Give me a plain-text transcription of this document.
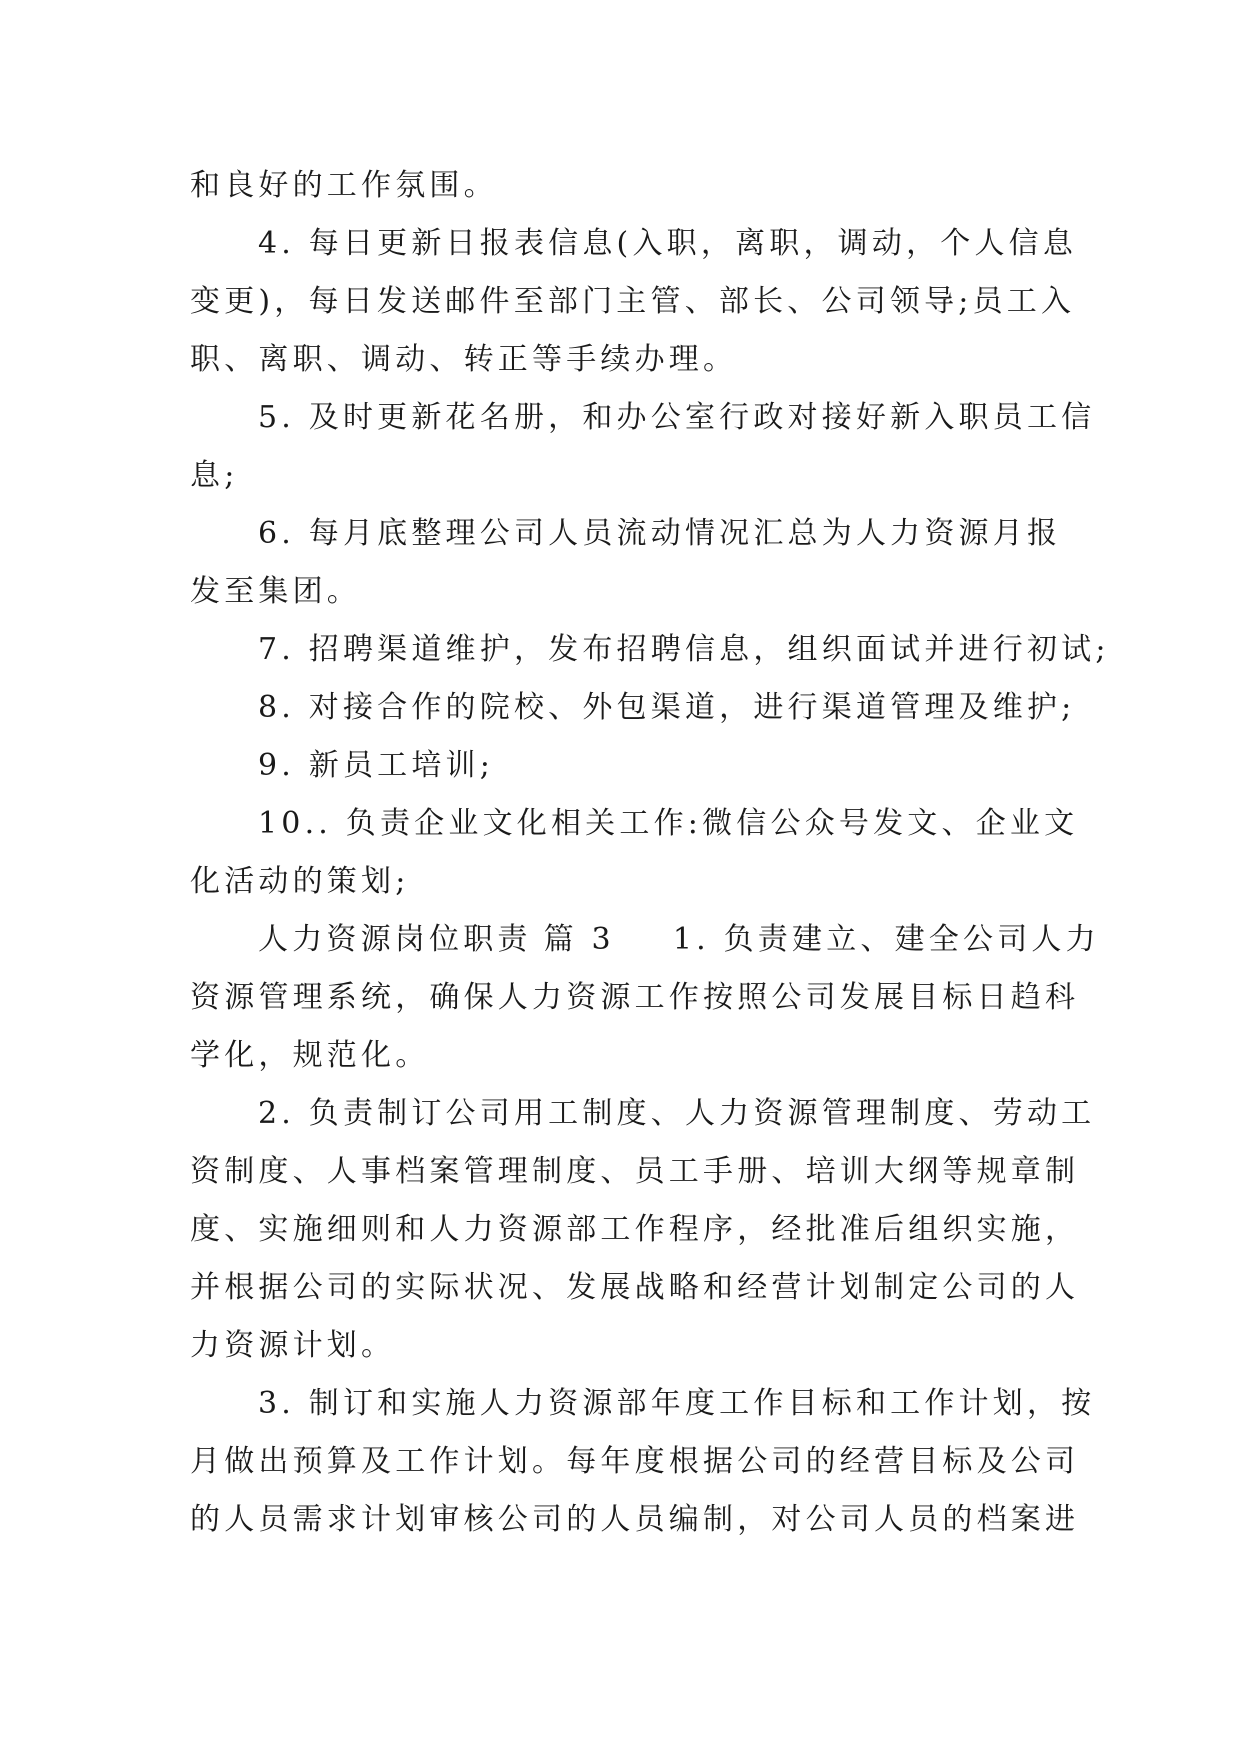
和良好的工作氛围。
4. 每日更新日报表信息(入职，离职，调动，个人信息
变更)，每日发送邮件至部门主管、部长、公司领导;员工入
职、离职、调动、转正等手续办理。
5. 及时更新花名册，和办公室行政对接好新入职员工信
息;
6. 每月底整理公司人员流动情况汇总为人力资源月报
发至集团。
7. 招聘渠道维护，发布招聘信息，组织面试并进行初试;
8. 对接合作的院校、外包渠道，进行渠道管理及维护;
9. 新员工培训;
10.. 负责企业文化相关工作:微信公众号发文、企业文
化活动的策划;
人力资源岗位职责 篇 3 1. 负责建立、建全公司人力
资源管理系统，确保人力资源工作按照公司发展目标日趋科
学化，规范化。
2. 负责制订公司用工制度、人力资源管理制度、劳动工
资制度、人事档案管理制度、员工手册、培训大纲等规章制
度、实施细则和人力资源部工作程序，经批准后组织实施，
并根据公司的实际状况、发展战略和经营计划制定公司的人
力资源计划。
3. 制订和实施人力资源部年度工作目标和工作计划，按
月做出预算及工作计划。每年度根据公司的经营目标及公司
的人员需求计划审核公司的人员编制，对公司人员的档案进
